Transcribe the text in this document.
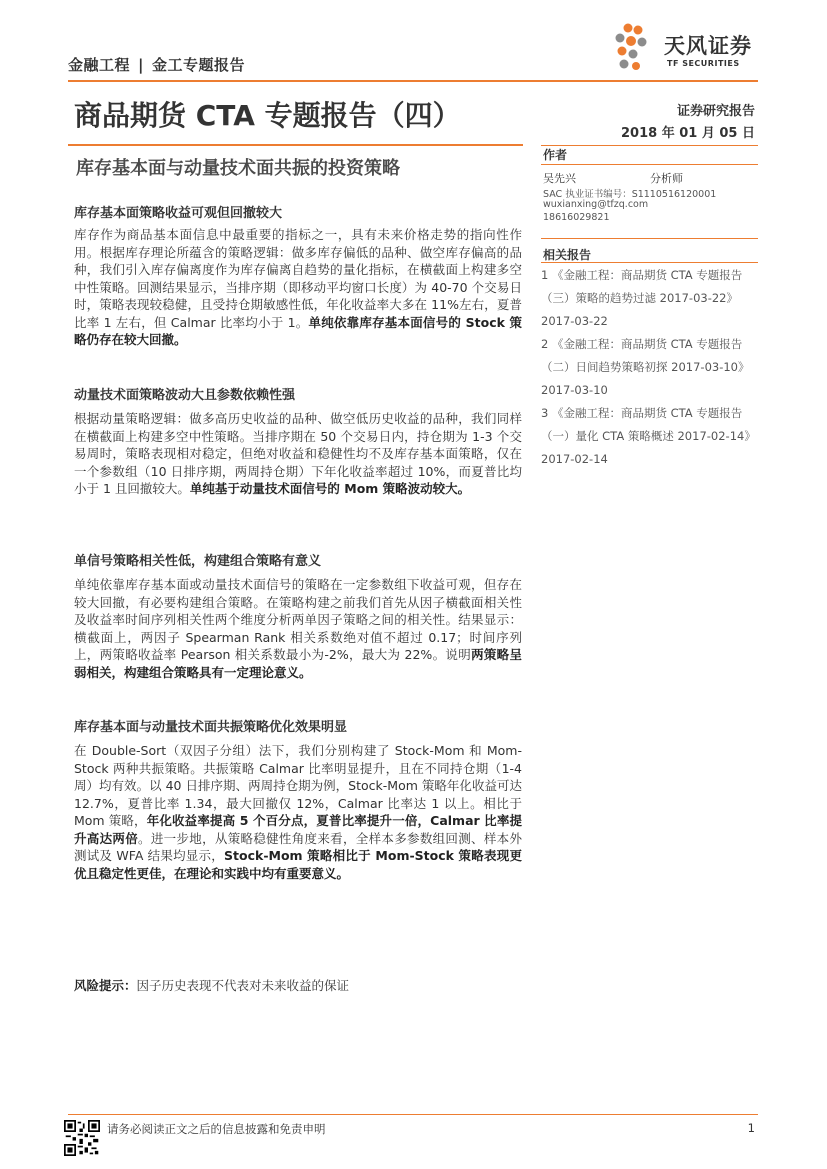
金融工程 | 金工专题报告
天风证券
TF SECURITIES
商品期货 CTA 专题报告（四）	证券研究报告
2018 年 01 月 05 日
库存基本面与动量技术面共振的投资策略
作者
吴先兴	分析师
SAC 执业证书编号：S1110516120001
wuxianxing@tfzq.com
18616029821
相关报告
1 《金融工程：商品期货 CTA 专题报告
（三）策略的趋势过滤 2017-03-22》
2017-03-22
2 《金融工程：商品期货 CTA 专题报告
（二）日间趋势策略初探 2017-03-10》
2017-03-10
3 《金融工程：商品期货 CTA 专题报告
（一）量化 CTA 策略概述 2017-02-14》
2017-02-14
库存基本面策略收益可观但回撤较大
库存作为商品基本面信息中最重要的指标之一，具有未来价格走势的指向性作用。根据库存理论所蕴含的策略逻辑：做多库存偏低的品种、做空库存偏高的品种，我们引入库存偏离度作为库存偏离自趋势的量化指标，在横截面上构建多空中性策略。回测结果显示，当排序期（即移动平均窗口长度）为 40-70 个交易日时，策略表现较稳健，且受持仓期敏感性低，年化收益率大多在 11%左右，夏普比率 1 左右，但 Calmar 比率均小于 1。单纯依靠库存基本面信号的 Stock 策略仍存在较大回撤。
动量技术面策略波动大且参数依赖性强
根据动量策略逻辑：做多高历史收益的品种、做空低历史收益的品种，我们同样在横截面上构建多空中性策略。当排序期在 50 个交易日内，持仓期为 1-3 个交易周时，策略表现相对稳定，但绝对收益和稳健性均不及库存基本面策略，仅在一个参数组（10 日排序期，两周持仓期）下年化收益率超过 10%，而夏普比均小于 1 且回撤较大。单纯基于动量技术面信号的 Mom 策略波动较大。
单信号策略相关性低，构建组合策略有意义
单纯依靠库存基本面或动量技术面信号的策略在一定参数组下收益可观，但存在较大回撤，有必要构建组合策略。在策略构建之前我们首先从因子横截面相关性及收益率时间序列相关性两个维度分析两单因子策略之间的相关性。结果显示：横截面上，两因子 Spearman Rank 相关系数绝对值不超过 0.17；时间序列上，两策略收益率 Pearson 相关系数最小为-2%，最大为 22%。说明两策略呈弱相关，构建组合策略具有一定理论意义。
库存基本面与动量技术面共振策略优化效果明显
在 Double-Sort（双因子分组）法下，我们分别构建了 Stock-Mom 和 Mom-Stock 两种共振策略。共振策略 Calmar 比率明显提升，且在不同持仓期（1-4 周）均有效。以 40 日排序期、两周持仓期为例，Stock-Mom 策略年化收益可达 12.7%，夏普比率 1.34，最大回撤仅 12%，Calmar 比率达 1 以上。相比于 Mom 策略，年化收益率提高 5 个百分点，夏普比率提升一倍，Calmar 比率提升高达两倍。进一步地，从策略稳健性角度来看，全样本多参数组回测、样本外测试及 WFA 结果均显示，Stock-Mom 策略相比于 Mom-Stock 策略表现更优且稳定性更佳，在理论和实践中均有重要意义。
风险提示：因子历史表现不代表对未来收益的保证
请务必阅读正文之后的信息披露和免责申明	1
